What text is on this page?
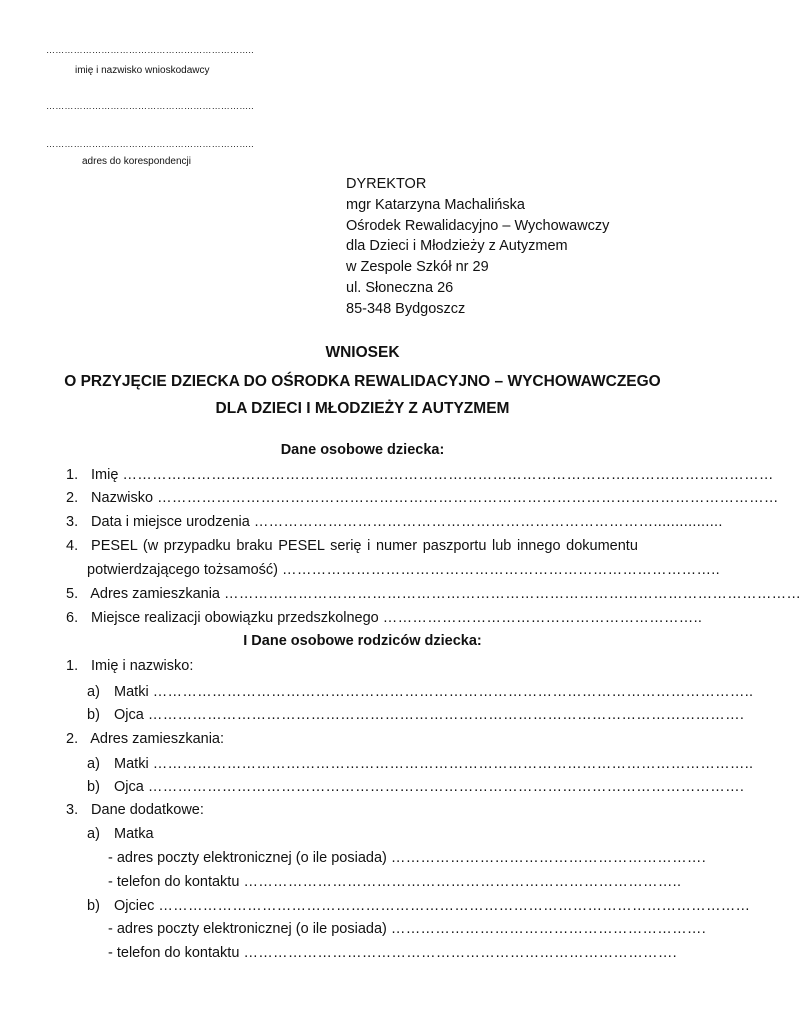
…………………………………………………………..
imię i nazwisko wnioskodawcy
…………………………………………………………..
…………………………………………………………..
adres do korespondencji
DYREKTOR
mgr Katarzyna Machalińska
Ośrodek Rewalidacyjno – Wychowawczy
dla Dzieci i Młodzieży z Autyzmem
w Zespole Szkół nr 29
ul. Słoneczna 26
85-348 Bydgoszcz
WNIOSEK
O PRZYJĘCIE DZIECKA DO OŚRODKA REWALIDACYJNO – WYCHOWAWCZEGO
DLA DZIECI I MŁODZIEŻY Z AUTYZMEM
Dane osobowe dziecka:
1. Imię ……………………………………………………………………………………………………………………
2. Nazwisko ………………………………………………………………………………………………………………
3. Data i miejsce urodzenia ………………………………………………………………………................
4. PESEL (w przypadku braku PESEL serię i numer paszportu lub innego dokumentu
potwierdzającego tożsamość) ……………………………………………………………………………..
5. Adres zamieszkania ………………………………………………………………………………………………………
6. Miejsce realizacji obowiązku przedszkolnego ………………………………………………………..
I Dane osobowe rodziców dziecka:
1. Imię i nazwisko:
a) Matki …………………………………………………………………………………………………………..
b) Ojca ………………………………………………………………………………………………………….
2. Adres zamieszkania:
a) Matki …………………………………………………………………………………………………………..
b) Ojca ………………………………………………………………………………………………………….
3. Dane dodatkowe:
a) Matka
- adres poczty elektronicznej (o ile posiada) ……………………………………………………….
- telefon do kontaktu ……………………………………………………………………………..
b) Ojciec …………………………………………………………………………………………………………
- adres poczty elektronicznej (o ile posiada) ……………………………………………………….
- telefon do kontaktu …………………………………………………………………………….
